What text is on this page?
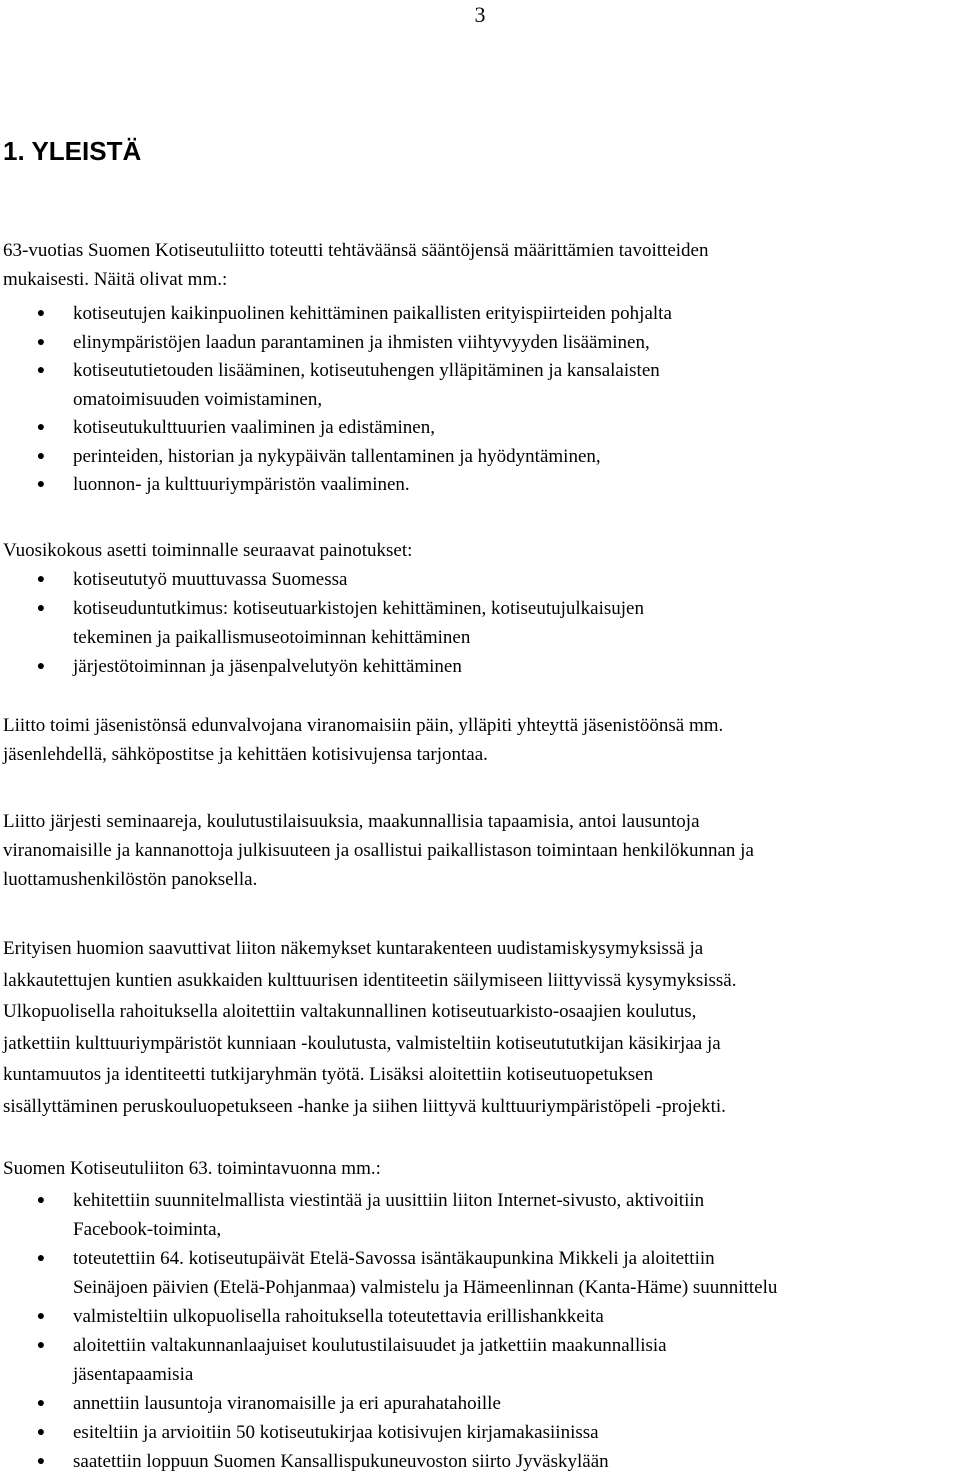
3
1. YLEISTÄ
63-vuotias Suomen Kotiseutuliitto toteutti tehtäväänsä sääntöjensä määrittämien tavoitteiden
mukaisesti. Näitä olivat mm.:
● kotiseutujen kaikinpuolinen kehittäminen paikallisten erityispiirteiden pohjalta
● elinympäristöjen laadun parantaminen ja ihmisten viihtyvyyden lisääminen,
● kotiseututietouden lisääminen, kotiseutuhengen ylläpitäminen ja kansalaisten
omatoimisuuden voimistaminen,
● kotiseutukulttuurien vaaliminen ja edistäminen,
● perinteiden, historian ja nykypäivän tallentaminen ja hyödyntäminen,
● luonnon- ja kulttuuriympäristön vaaliminen.
Vuosikokous asetti toiminnalle seuraavat painotukset:
● kotiseututyö muuttuvassa Suomessa
● kotiseuduntutkimus: kotiseutuarkistojen kehittäminen, kotiseutujulkaisujen
tekeminen ja paikallismuseotoiminnan kehittäminen
● järjestötoiminnan ja jäsenpalvelutyön kehittäminen
Liitto toimi jäsenistönsä edunvalvojana viranomaisiin päin, ylläpiti yhteyttä jäsenistöönsä mm.
jäsenlehdellä, sähköpostitse ja kehittäen kotisivujensa tarjontaa.
Liitto järjesti seminaareja, koulutustilaisuuksia, maakunnallisia tapaamisia, antoi lausuntoja
viranomaisille ja kannanottoja julkisuuteen ja osallistui paikallistason toimintaan henkilökunnan ja
luottamushenkilöstön panoksella.
Erityisen huomion saavuttivat liiton näkemykset kuntarakenteen uudistamiskysymyksissä ja
lakkautettujen kuntien asukkaiden kulttuurisen identiteetin säilymiseen liittyvissä kysymyksissä.
Ulkopuolisella rahoituksella aloitettiin valtakunnallinen kotiseutuarkisto-osaajien koulutus,
jatkettiin kulttuuriympäristöt kunniaan -koulutusta, valmisteltiin kotiseutututkijan käsikirjaa ja
kuntamuutos ja identiteetti tutkijaryhmän työtä. Lisäksi aloitettiin kotiseutuopetuksen
sisällyttäminen peruskouluopetukseen -hanke ja siihen liittyvä kulttuuriympäristöpeli -projekti.
Suomen Kotiseutuliiton 63. toimintavuonna mm.:
● kehitettiin suunnitelmallista viestintää ja uusittiin liiton Internet-sivusto, aktivoitiin
Facebook-toiminta,
● toteutettiin 64. kotiseutupäivät Etelä-Savossa isäntäkaupunkina Mikkeli ja aloitettiin
Seinäjoen päivien (Etelä-Pohjanmaa) valmistelu ja Hämeenlinnan (Kanta-Häme) suunnittelu
● valmisteltiin ulkopuolisella rahoituksella toteutettavia erillishankkeita
● aloitettiin valtakunnanlaajuiset koulutustilaisuudet ja jatkettiin maakunnallisia
jäsentapaamisia
● annettiin lausuntoja viranomaisille ja eri apurahatahoille
● esiteltiin ja arvioitiin 50 kotiseutukirjaa kotisivujen kirjamakasiinissa
● saatettiin loppuun Suomen Kansallispukuneuvoston siirto Jyväskylään
